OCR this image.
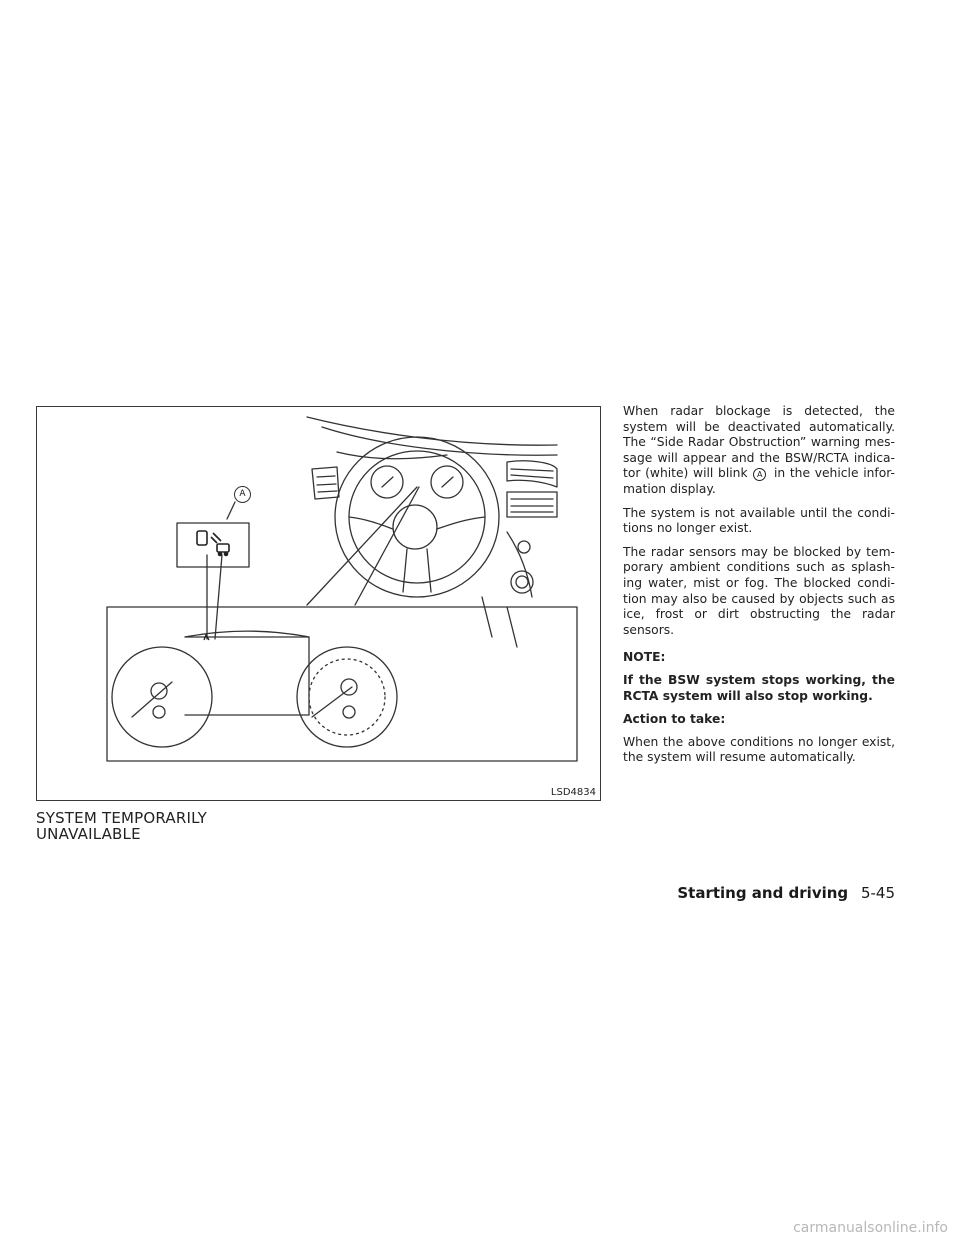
A
LSD4834
SYSTEM TEMPORARILY
UNAVAILABLE

When radar blockage is detected, the system will be deactivated automatically. The “Side Radar Obstruction” warning mes-sage will appear and the BSW/RCTA indica-tor (white) will blink A in the vehicle infor-mation display.

The system is not available until the condi-tions no longer exist.

The radar sensors may be blocked by tem-porary ambient conditions such as splash-ing water, mist or fog. The blocked condi-tion may also be caused by objects such as ice, frost or dirt obstructing the radar sensors.

NOTE:

If the BSW system stops working, the RCTA system will also stop working.

Action to take:

When the above conditions no longer exist, the system will resume automatically.

Starting and driving 5-45
carmanualsonline.info
